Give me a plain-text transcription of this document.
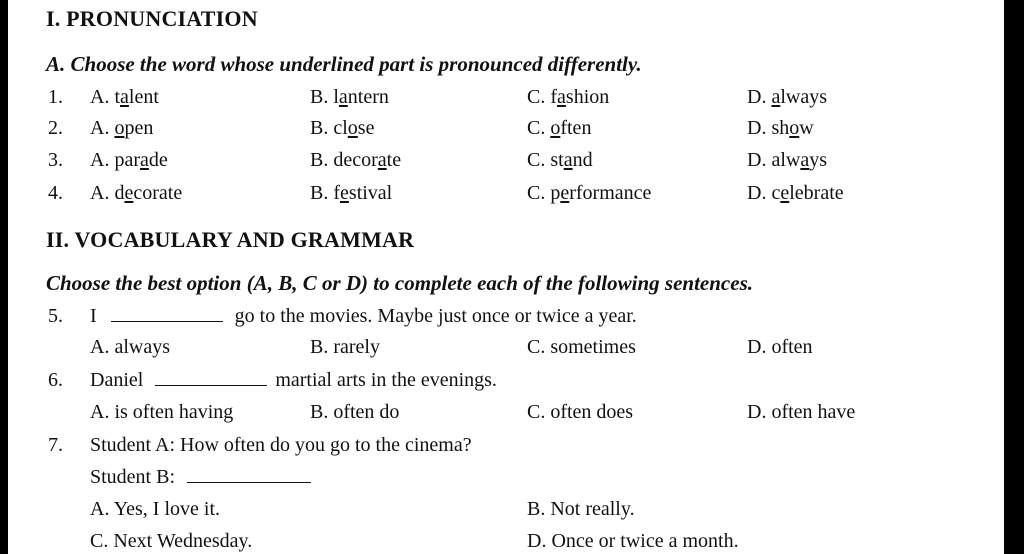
I. PRONUNCIATION
A. Choose the word whose underlined part is pronounced differently.
1. A. talent	B. lantern	C. fashion	D. always
2. A. open	B. close	C. often	D. show
3. A. parade	B. decorate	C. stand	D. always
4. A. decorate	B. festival	C. performance	D. celebrate
II. VOCABULARY AND GRAMMAR
Choose the best option (A, B, C or D) to complete each of the following sentences.
5. I	go to the movies. Maybe just once or twice a year.
A. always	B. rarely	C. sometimes	D. often
6. Daniel	martial arts in the evenings.
A. is often having	B. often do	C. often does	D. often have
7. Student A: How often do you go to the cinema?
Student B:
A. Yes, I love it.	B. Not really.
C. Next Wednesday.	D. Once or twice a month.
